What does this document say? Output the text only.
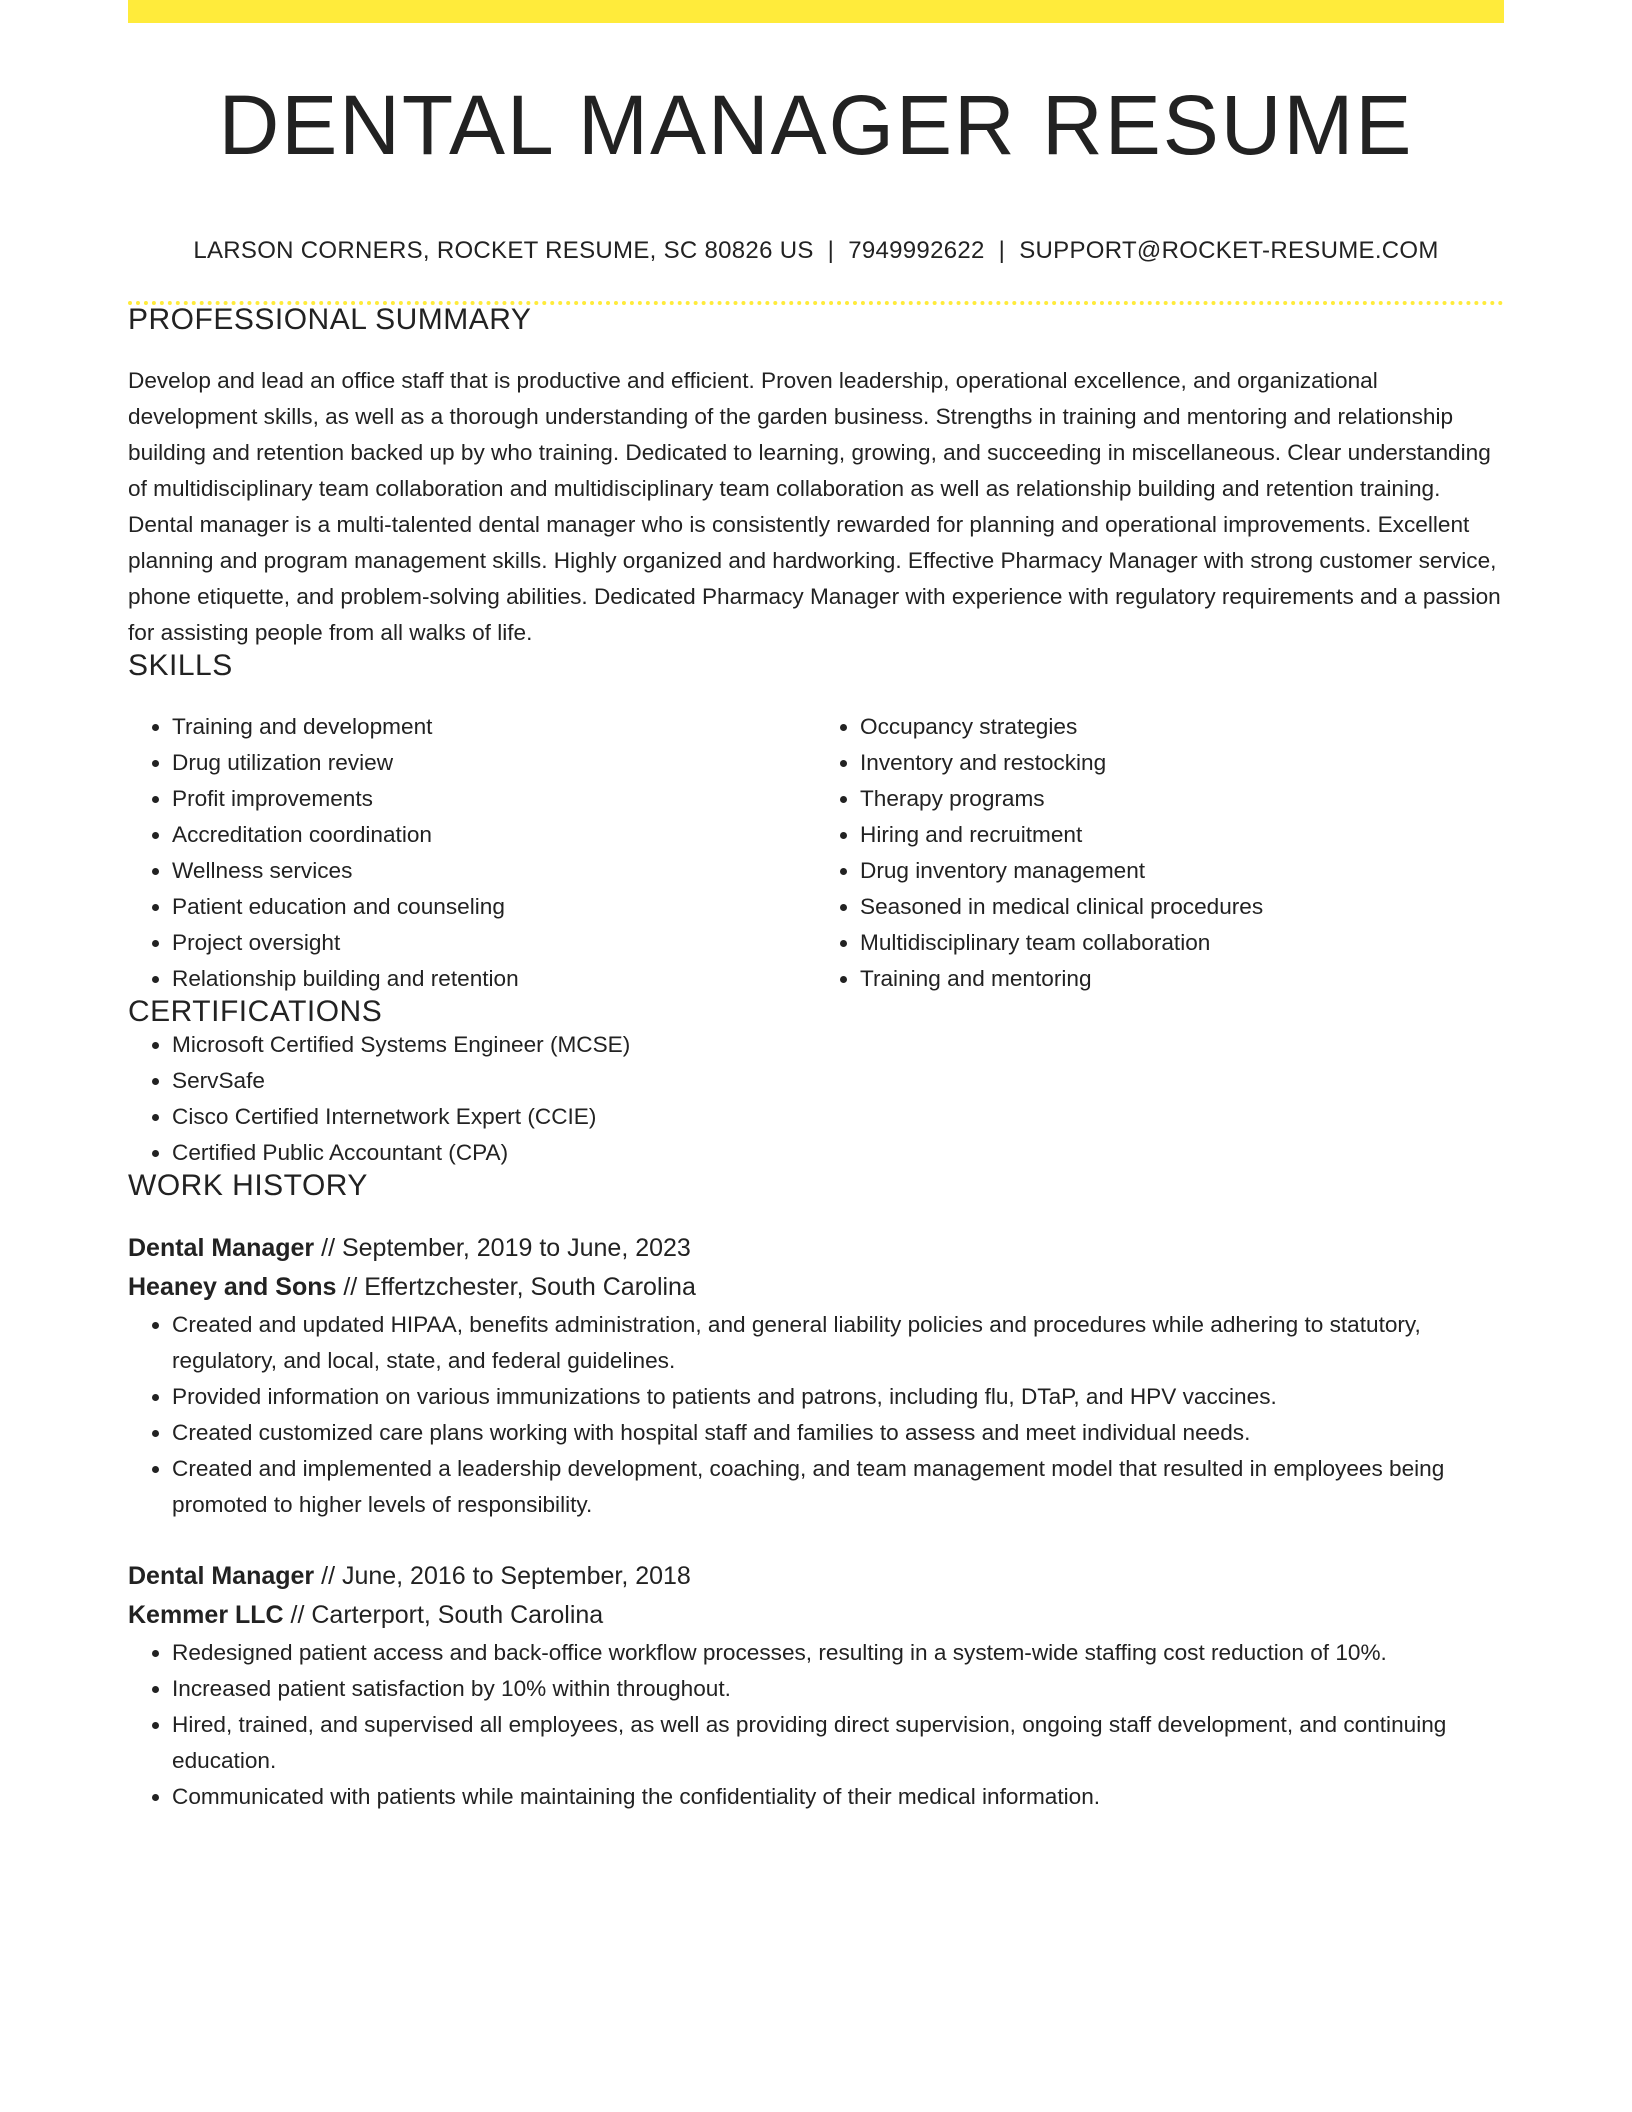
DENTAL MANAGER RESUME
LARSON CORNERS, ROCKET RESUME, SC 80826 US | 7949992622 | SUPPORT@ROCKET-RESUME.COM
PROFESSIONAL SUMMARY

Develop and lead an office staff that is productive and efficient. Proven leadership, operational excellence, and organizational development skills, as well as a thorough understanding of the garden business. Strengths in training and mentoring and relationship building and retention backed up by who training. Dedicated to learning, growing, and succeeding in miscellaneous. Clear understanding of multidisciplinary team collaboration and multidisciplinary team collaboration as well as relationship building and retention training. Dental manager is a multi-talented dental manager who is consistently rewarded for planning and operational improvements. Excellent planning and program management skills. Highly organized and hardworking. Effective Pharmacy Manager with strong customer service, phone etiquette, and problem-solving abilities. Dedicated Pharmacy Manager with experience with regulatory requirements and a passion for assisting people from all walks of life.

SKILLS
• Training and development
• Drug utilization review
• Profit improvements
• Accreditation coordination
• Wellness services
• Patient education and counseling
• Project oversight
• Relationship building and retention
• Occupancy strategies
• Inventory and restocking
• Therapy programs
• Hiring and recruitment
• Drug inventory management
• Seasoned in medical clinical procedures
• Multidisciplinary team collaboration
• Training and mentoring
CERTIFICATIONS
• Microsoft Certified Systems Engineer (MCSE)
• ServSafe
• Cisco Certified Internetwork Expert (CCIE)
• Certified Public Accountant (CPA)
WORK HISTORY
Dental Manager // September, 2019 to June, 2023
Heaney and Sons // Effertzchester, South Carolina
• Created and updated HIPAA, benefits administration, and general liability policies and procedures while adhering to statutory, regulatory, and local, state, and federal guidelines.
• Provided information on various immunizations to patients and patrons, including flu, DTaP, and HPV vaccines.
• Created customized care plans working with hospital staff and families to assess and meet individual needs.
• Created and implemented a leadership development, coaching, and team management model that resulted in employees being promoted to higher levels of responsibility.
Dental Manager // June, 2016 to September, 2018
Kemmer LLC // Carterport, South Carolina
• Redesigned patient access and back-office workflow processes, resulting in a system-wide staffing cost reduction of 10%.
• Increased patient satisfaction by 10% within throughout.
• Hired, trained, and supervised all employees, as well as providing direct supervision, ongoing staff development, and continuing education.
• Communicated with patients while maintaining the confidentiality of their medical information.
